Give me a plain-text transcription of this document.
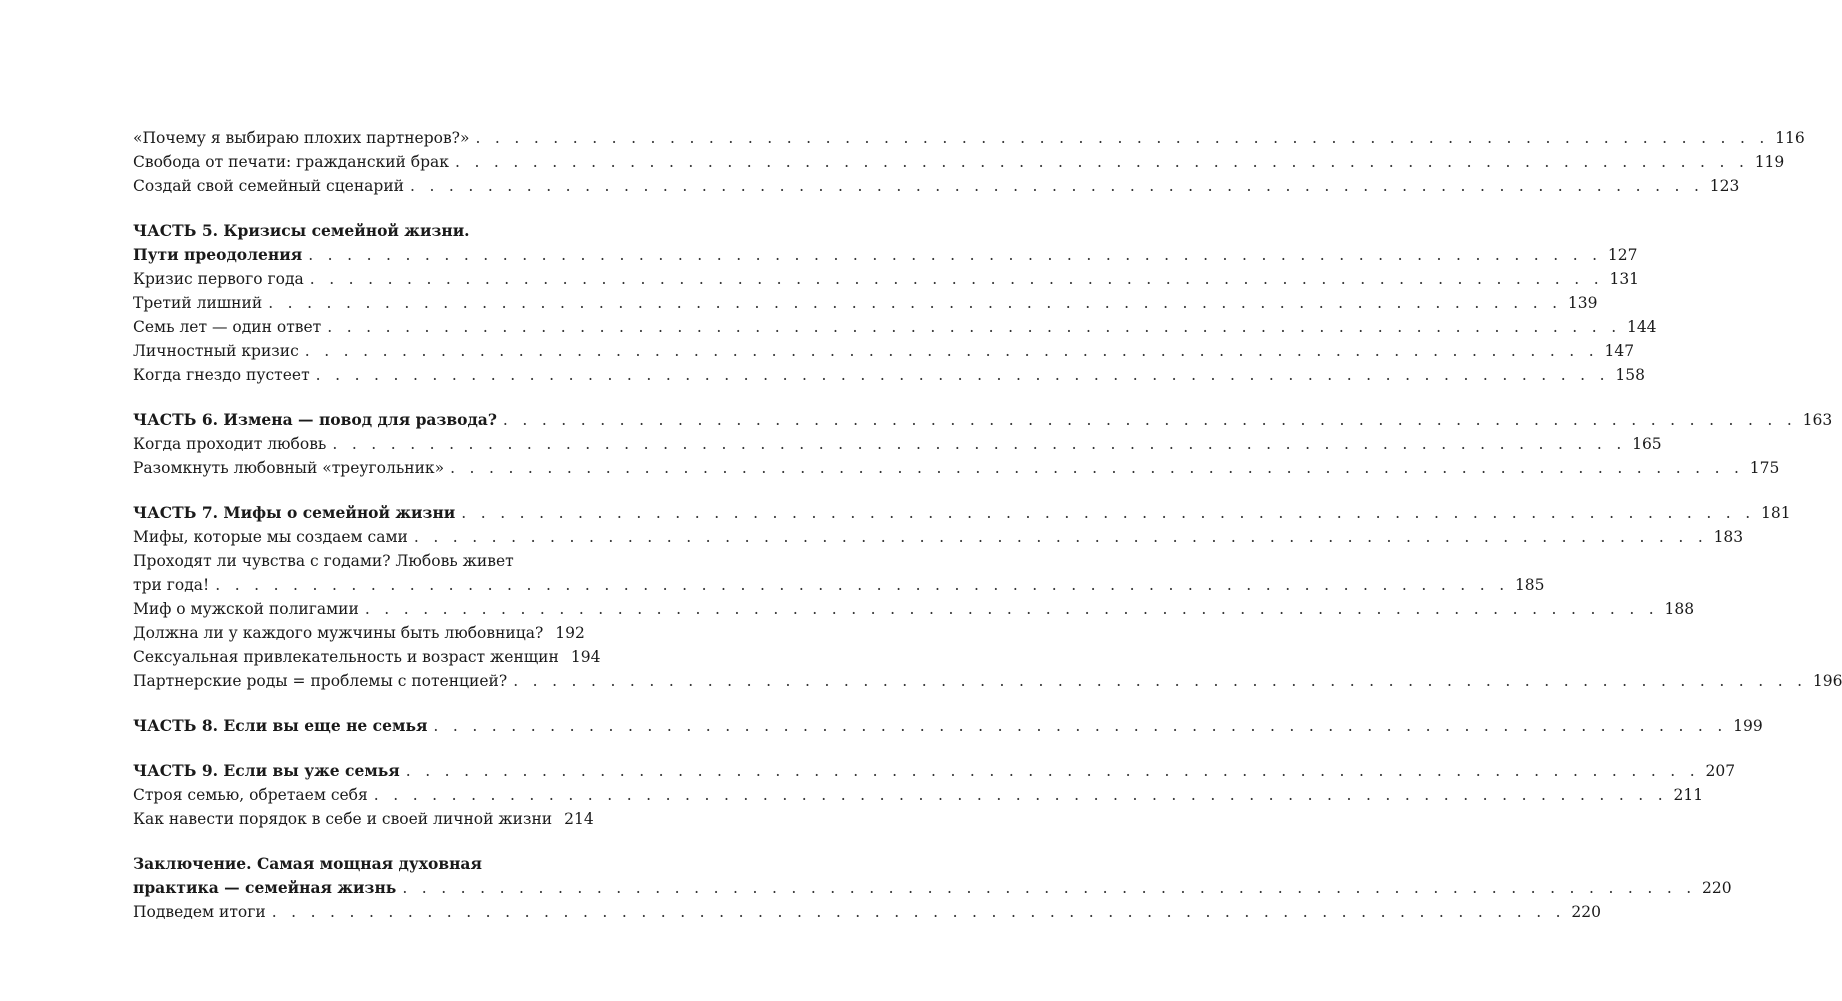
«Почему я выбираю плохих партнеров?» . . . . . . . . . . . . . . . . . . . . . . . . . . . . . . . . . . . . . . . . . . . . . . . . . . . . . . . . . . . . . . . . . . . 116
Свобода от печати: гражданский брак . . . . . . . . . . . . . . . . . . . . . . . . . . . . . . . . . . . . . . . . . . . . . . . . . . . . . . . . . . . . . . . . . . . 119
Создай свой семейный сценарий . . . . . . . . . . . . . . . . . . . . . . . . . . . . . . . . . . . . . . . . . . . . . . . . . . . . . . . . . . . . . . . . . . . 123
ЧАСТЬ 5. Кризисы семейной жизни.
Пути преодоления . . . . . . . . . . . . . . . . . . . . . . . . . . . . . . . . . . . . . . . . . . . . . . . . . . . . . . . . . . . . . . . . . . . 127
Кризис первого года . . . . . . . . . . . . . . . . . . . . . . . . . . . . . . . . . . . . . . . . . . . . . . . . . . . . . . . . . . . . . . . . . . . 131
Третий лишний . . . . . . . . . . . . . . . . . . . . . . . . . . . . . . . . . . . . . . . . . . . . . . . . . . . . . . . . . . . . . . . . . . . 139
Семь лет — один ответ . . . . . . . . . . . . . . . . . . . . . . . . . . . . . . . . . . . . . . . . . . . . . . . . . . . . . . . . . . . . . . . . . . . 144
Личностный кризис . . . . . . . . . . . . . . . . . . . . . . . . . . . . . . . . . . . . . . . . . . . . . . . . . . . . . . . . . . . . . . . . . . . 147
Когда гнездо пустеет . . . . . . . . . . . . . . . . . . . . . . . . . . . . . . . . . . . . . . . . . . . . . . . . . . . . . . . . . . . . . . . . . . . 158
ЧАСТЬ 6. Измена — повод для развода? . . . . . . . . . . . . . . . . . . . . . . . . . . . . . . . . . . . . . . . . . . . . . . . . . . . . . . . . . . . . . . . . . . . 163
Когда проходит любовь . . . . . . . . . . . . . . . . . . . . . . . . . . . . . . . . . . . . . . . . . . . . . . . . . . . . . . . . . . . . . . . . . . . 165
Разомкнуть любовный «треугольник» . . . . . . . . . . . . . . . . . . . . . . . . . . . . . . . . . . . . . . . . . . . . . . . . . . . . . . . . . . . . . . . . . . . 175
ЧАСТЬ 7. Мифы о семейной жизни . . . . . . . . . . . . . . . . . . . . . . . . . . . . . . . . . . . . . . . . . . . . . . . . . . . . . . . . . . . . . . . . . . . 181
Мифы, которые мы создаем сами . . . . . . . . . . . . . . . . . . . . . . . . . . . . . . . . . . . . . . . . . . . . . . . . . . . . . . . . . . . . . . . . . . . 183
Проходят ли чувства с годами? Любовь живет
три года! . . . . . . . . . . . . . . . . . . . . . . . . . . . . . . . . . . . . . . . . . . . . . . . . . . . . . . . . . . . . . . . . . . . 185
Миф о мужской полигамии . . . . . . . . . . . . . . . . . . . . . . . . . . . . . . . . . . . . . . . . . . . . . . . . . . . . . . . . . . . . . . . . . . . 188
Должна ли у каждого мужчины быть любовница? 192
Сексуальная привлекательность и возраст женщин 194
Партнерские роды = проблемы с потенцией? . . . . . . . . . . . . . . . . . . . . . . . . . . . . . . . . . . . . . . . . . . . . . . . . . . . . . . . . . . . . . . . . . . . 196
ЧАСТЬ 8. Если вы еще не семья . . . . . . . . . . . . . . . . . . . . . . . . . . . . . . . . . . . . . . . . . . . . . . . . . . . . . . . . . . . . . . . . . . . 199
ЧАСТЬ 9. Если вы уже семья . . . . . . . . . . . . . . . . . . . . . . . . . . . . . . . . . . . . . . . . . . . . . . . . . . . . . . . . . . . . . . . . . . . 207
Строя семью, обретаем себя . . . . . . . . . . . . . . . . . . . . . . . . . . . . . . . . . . . . . . . . . . . . . . . . . . . . . . . . . . . . . . . . . . . 211
Как навести порядок в себе и своей личной жизни 214
Заключение. Самая мощная духовная
практика — семейная жизнь . . . . . . . . . . . . . . . . . . . . . . . . . . . . . . . . . . . . . . . . . . . . . . . . . . . . . . . . . . . . . . . . . . . 220
Подведем итоги . . . . . . . . . . . . . . . . . . . . . . . . . . . . . . . . . . . . . . . . . . . . . . . . . . . . . . . . . . . . . . . . . . . 220
